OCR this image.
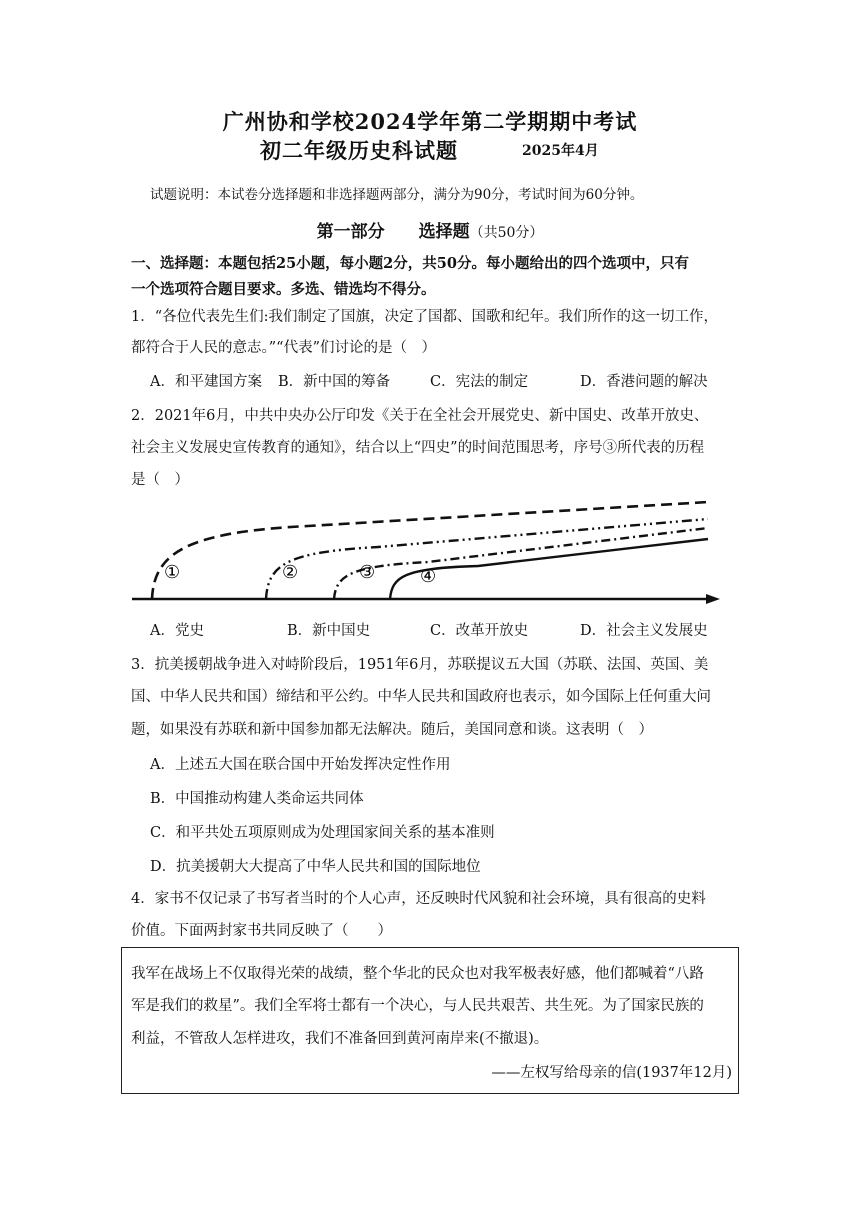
广州协和学校2024学年第二学期期中考试
初二年级历史科试题	2025年4月
试题说明：本试卷分选择题和非选择题两部分，满分为90分，考试时间为60分钟。
第一部分　　选择题（共50分）
一、选择题：本题包括25小题，每小题2分，共50分。每小题给出的四个选项中，只有
一个选项符合题目要求。多选、错选均不得分。
1．“各位代表先生们:我们制定了国旗，决定了国都、国歌和纪年。我们所作的这一切工作，
都符合于人民的意志。”“代表”们讨论的是（　）
A．和平建国方案 B．新中国的筹备	C．宪法的制定	D．香港问题的解决
2．2021年6月，中共中央办公厅印发《关于在全社会开展党史、新中国史、改革开放史、
社会主义发展史宣传教育的通知》，结合以上“四史”的时间范围思考，序号③所代表的历程
是（　）
①	②	③ ④
A．党史	B．新中国史	C．改革开放史	D．社会主义发展史
3．抗美援朝战争进入对峙阶段后，1951年6月，苏联提议五大国（苏联、法国、英国、美
国、中华人民共和国）缔结和平公约。中华人民共和国政府也表示，如今国际上任何重大问
题，如果没有苏联和新中国参加都无法解决。随后，美国同意和谈。这表明（　）
A．上述五大国在联合国中开始发挥决定性作用
B．中国推动构建人类命运共同体
C．和平共处五项原则成为处理国家间关系的基本准则
D．抗美援朝大大提高了中华人民共和国的国际地位
4．家书不仅记录了书写者当时的个人心声，还反映时代风貌和社会环境，具有很高的史料
价值。下面两封家书共同反映了（　　）
我军在战场上不仅取得光荣的战绩，整个华北的民众也对我军极表好感，他们都喊着“八路
军是我们的救星”。我们全军将士都有一个决心，与人民共艰苦、共生死。为了国家民族的
利益，不管敌人怎样进攻，我们不准备回到黄河南岸来(不撤退)。
——左权写给母亲的信(1937年12月)
